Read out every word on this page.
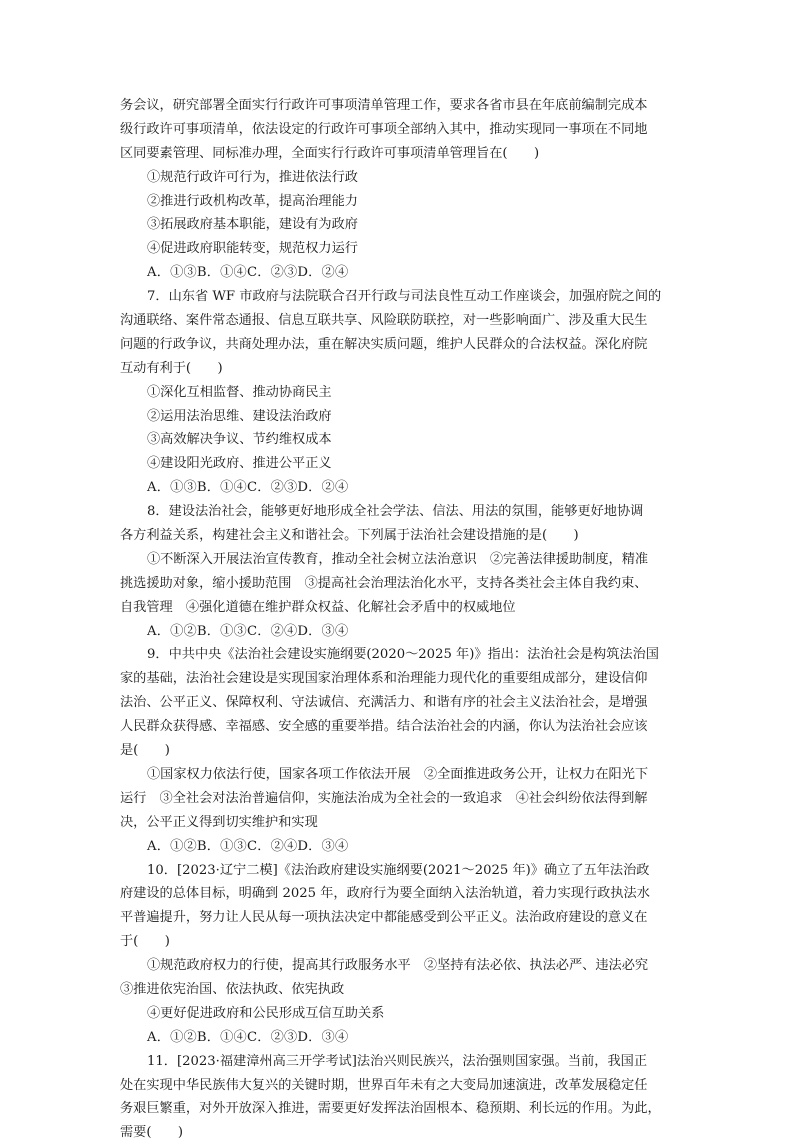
务会议，研究部署全面实行行政许可事项清单管理工作，要求各省市县在年底前编制完成本
级行政许可事项清单，依法设定的行政许可事项全部纳入其中，推动实现同一事项在不同地
区同要素管理、同标准办理，全面实行行政许可事项清单管理旨在(　　)
①规范行政许可行为，推进依法行政
②推进行政机构改革，提高治理能力
③拓展政府基本职能，建设有为政府
④促进政府职能转变，规范权力运行
A．①③B．①④C．②③D．②④
7．山东省 WF 市政府与法院联合召开行政与司法良性互动工作座谈会，加强府院之间的
沟通联络、案件常态通报、信息互联共享、风险联防联控，对一些影响面广、涉及重大民生
问题的行政争议，共商处理办法，重在解决实质问题，维护人民群众的合法权益。深化府院
互动有利于(　　)
①深化互相监督、推动协商民主
②运用法治思维、建设法治政府
③高效解决争议、节约维权成本
④建设阳光政府、推进公平正义
A．①③B．①④C．②③D．②④
8．建设法治社会，能够更好地形成全社会学法、信法、用法的氛围，能够更好地协调
各方利益关系，构建社会主义和谐社会。下列属于法治社会建设措施的是(　　)
①不断深入开展法治宣传教育，推动全社会树立法治意识　②完善法律援助制度，精准
挑选援助对象，缩小援助范围　③提高社会治理法治化水平，支持各类社会主体自我约束、
自我管理　④强化道德在维护群众权益、化解社会矛盾中的权威地位
A．①②B．①③C．②④D．③④
9．中共中央《法治社会建设实施纲要(2020～2025 年)》指出：法治社会是构筑法治国
家的基础，法治社会建设是实现国家治理体系和治理能力现代化的重要组成部分，建设信仰
法治、公平正义、保障权利、守法诚信、充满活力、和谐有序的社会主义法治社会，是增强
人民群众获得感、幸福感、安全感的重要举措。结合法治社会的内涵，你认为法治社会应该
是(　　)
①国家权力依法行使，国家各项工作依法开展　②全面推进政务公开，让权力在阳光下
运行　③全社会对法治普遍信仰，实施法治成为全社会的一致追求　④社会纠纷依法得到解
决，公平正义得到切实维护和实现
A．①②B．①③C．②④D．③④
10．[2023·辽宁二模]《法治政府建设实施纲要(2021～2025 年)》确立了五年法治政
府建设的总体目标，明确到 2025 年，政府行为要全面纳入法治轨道，着力实现行政执法水
平普遍提升，努力让人民从每一项执法决定中都能感受到公平正义。法治政府建设的意义在
于(　　)
①规范政府权力的行使，提高其行政服务水平　②坚持有法必依、执法必严、违法必究
③推进依宪治国、依法执政、依宪执政
④更好促进政府和公民形成互信互助关系
A．①②B．①④C．②③D．③④
11．[2023·福建漳州高三开学考试]法治兴则民族兴，法治强则国家强。当前，我国正
处在实现中华民族伟大复兴的关键时期，世界百年未有之大变局加速演进，改革发展稳定任
务艰巨繁重，对外开放深入推进，需要更好发挥法治固根本、稳预期、利长远的作用。为此，
需要(　　)
